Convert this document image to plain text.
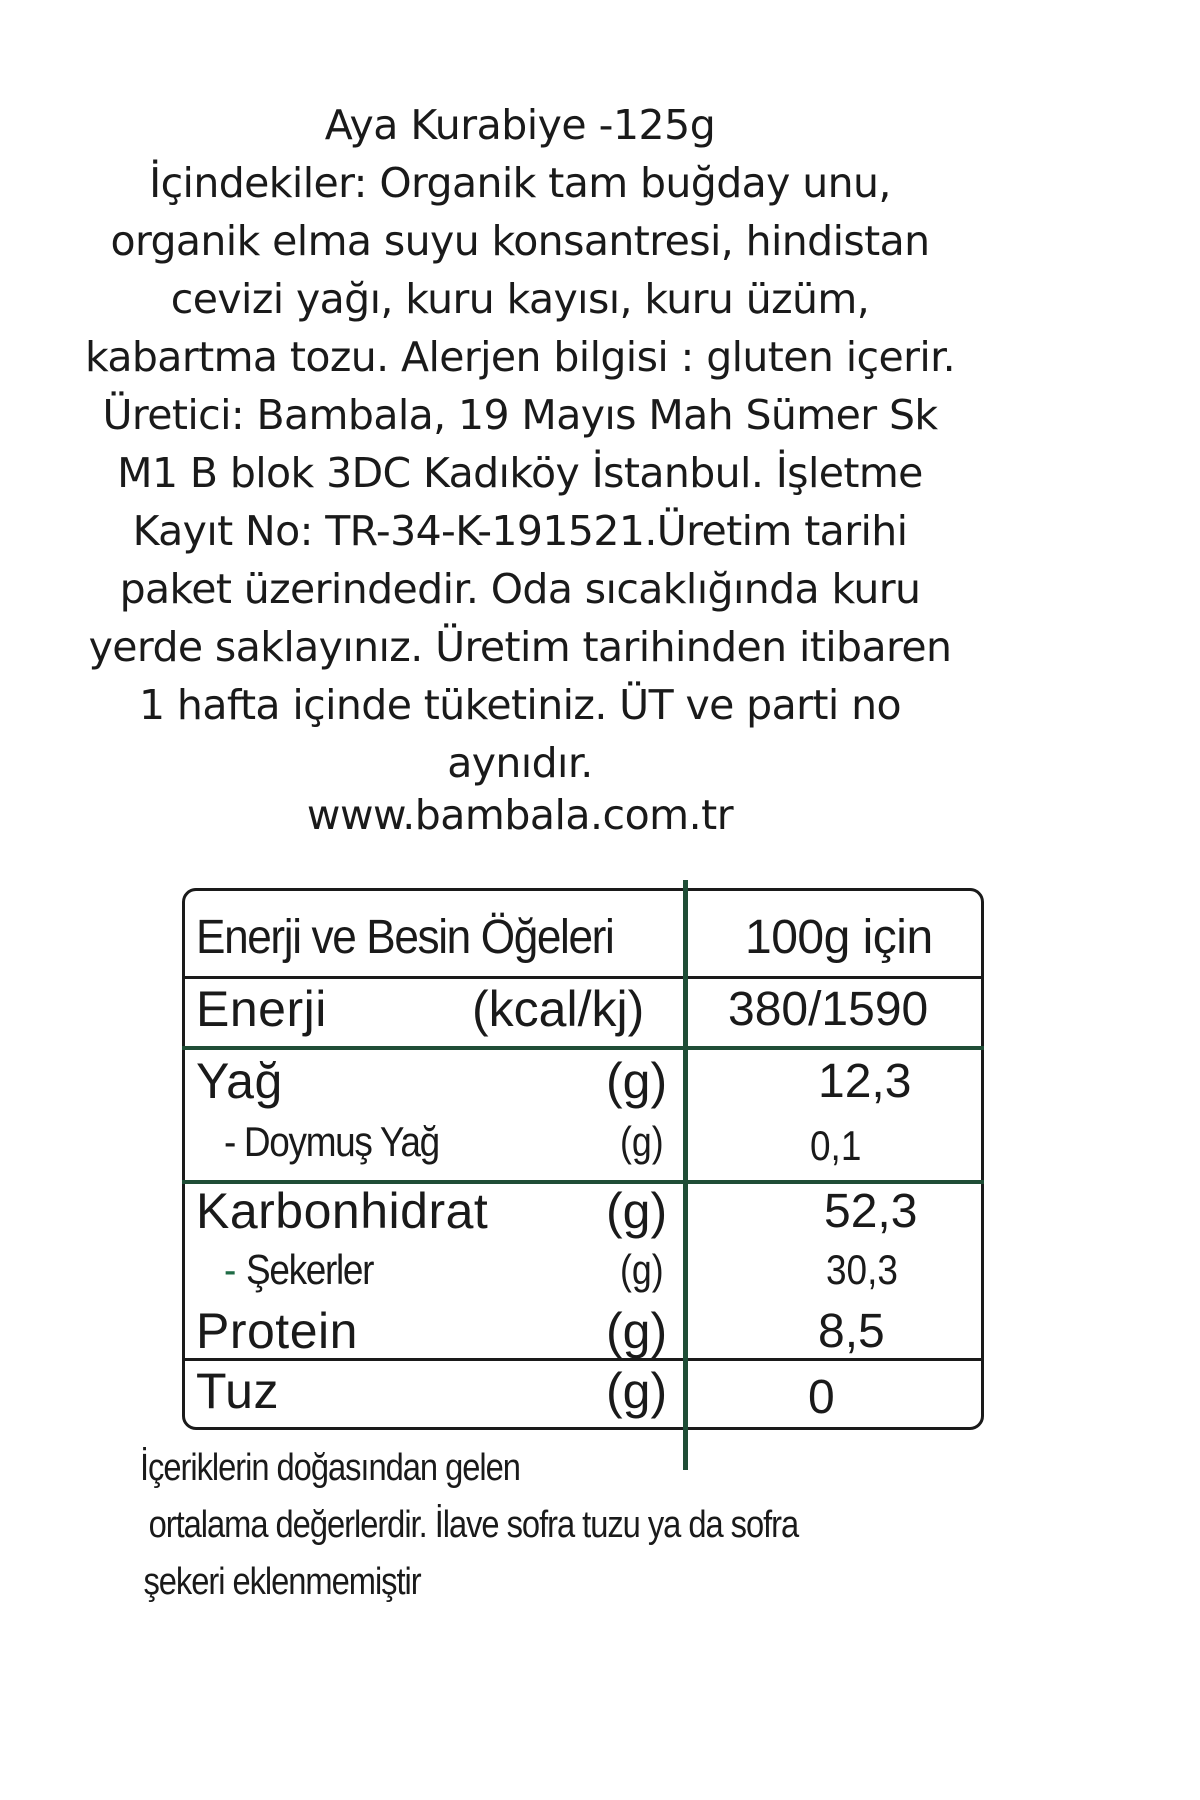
Aya Kurabiye -125g
İçindekiler: Organik tam buğday unu,
organik elma suyu konsantresi, hindistan
cevizi yağı, kuru kayısı, kuru üzüm,
kabartma tozu. Alerjen bilgisi : gluten içerir.
Üretici: Bambala, 19 Mayıs Mah Sümer Sk
M1 B blok 3DC Kadıköy İstanbul. İşletme
Kayıt No: TR-34-K-191521.Üretim tarihi
paket üzerindedir. Oda sıcaklığında kuru
yerde saklayınız. Üretim tarihinden itibaren
1 hafta içinde tüketiniz. ÜT ve parti no
aynıdır.
www.bambala.com.tr
Enerji ve Besin Öğeleri	100g için
Enerji	(kcal/kj) 380/1590
Yağ	(g)	12,3
- Doymuş Yağ	(g)	0,1
Karbonhidrat (g)	52,3
- Şekerler	(g)	30,3
Protein	(g)	8,5
Tuz	(g)	0
İçeriklerin doğasından gelen
ortalama değerlerdir. İlave sofra tuzu ya da sofra
şekeri eklenmemiştir
